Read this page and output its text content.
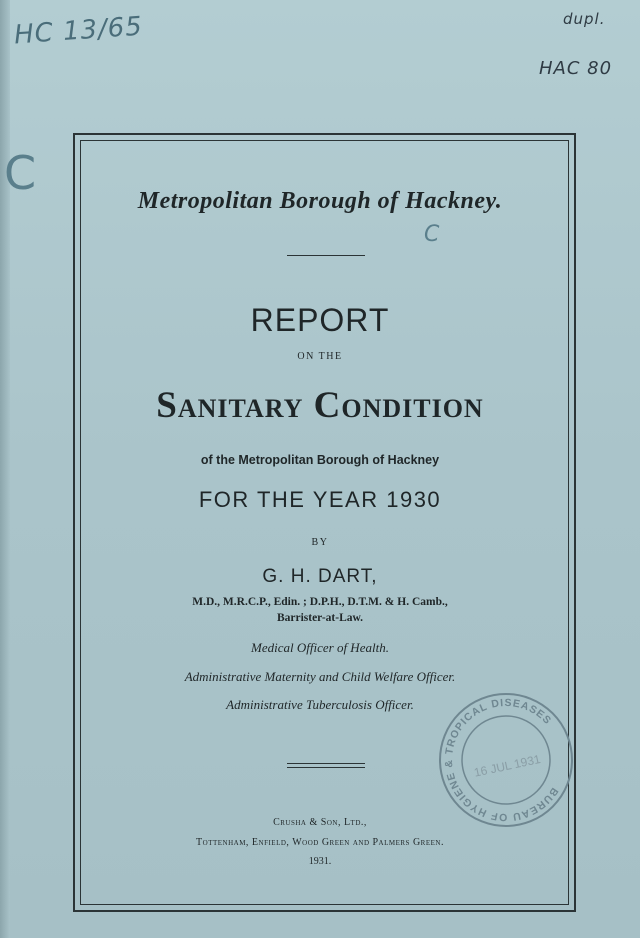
HC 13/65	dupl.
HAC 80
C
C

Metropolitan Borough of Hackney.

REPORT

ON THE

Sanitary Condition

of the Metropolitan Borough of Hackney

FOR THE YEAR 1930

BY

G. H. DART,

M.D., M.R.C.P., Edin. ; D.P.H., D.T.M. & H. Camb.,

Barrister-at-Law.

Medical Officer of Health.

Administrative Maternity and Child Welfare Officer.

Administrative Tuberculosis Officer.

Crusha & Son, Ltd.,

Tottenham, Enfield, Wood Green and Palmers Green.

1931.

BUREAU OF HYGIENE & TROPICAL DISEASES
16 JUL 1931
